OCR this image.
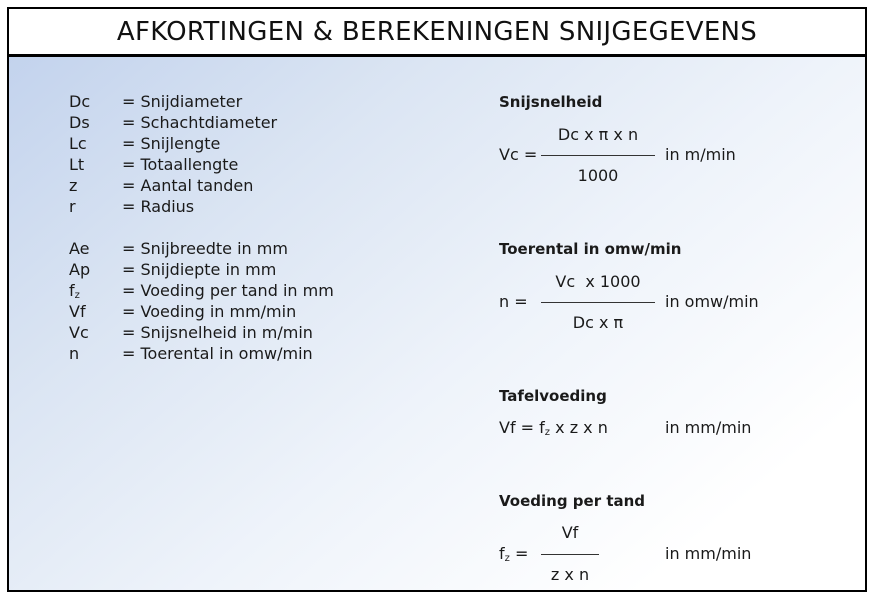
AFKORTINGEN & BEREKENINGEN SNIJGEGEVENS
Dc = Snijdiameter
Ds = Schachtdiameter
Lc = Snijlengte
Lt = Totaallengte
z	= Aantal tanden
r	= Radius
Ae = Snijbreedte in mm
Ap = Snijdiepte in mm
$f_z$	= Voeding per tand in mm
Vf = Voeding in mm/min
Vc = Snijsnelheid in m/min
n	= Toerental in omw/min
Snijsnelheid
Dc x π x n
Vc =
1000
in m/min
Toerental in omw/min
Vc  x 1000
n =
Dc x π
in omw/min
Tafelvoeding
$Vf = f_z$ x z x n	in mm/min
Voeding per tand
Vf
$f_z$ =
z x n
in mm/min
